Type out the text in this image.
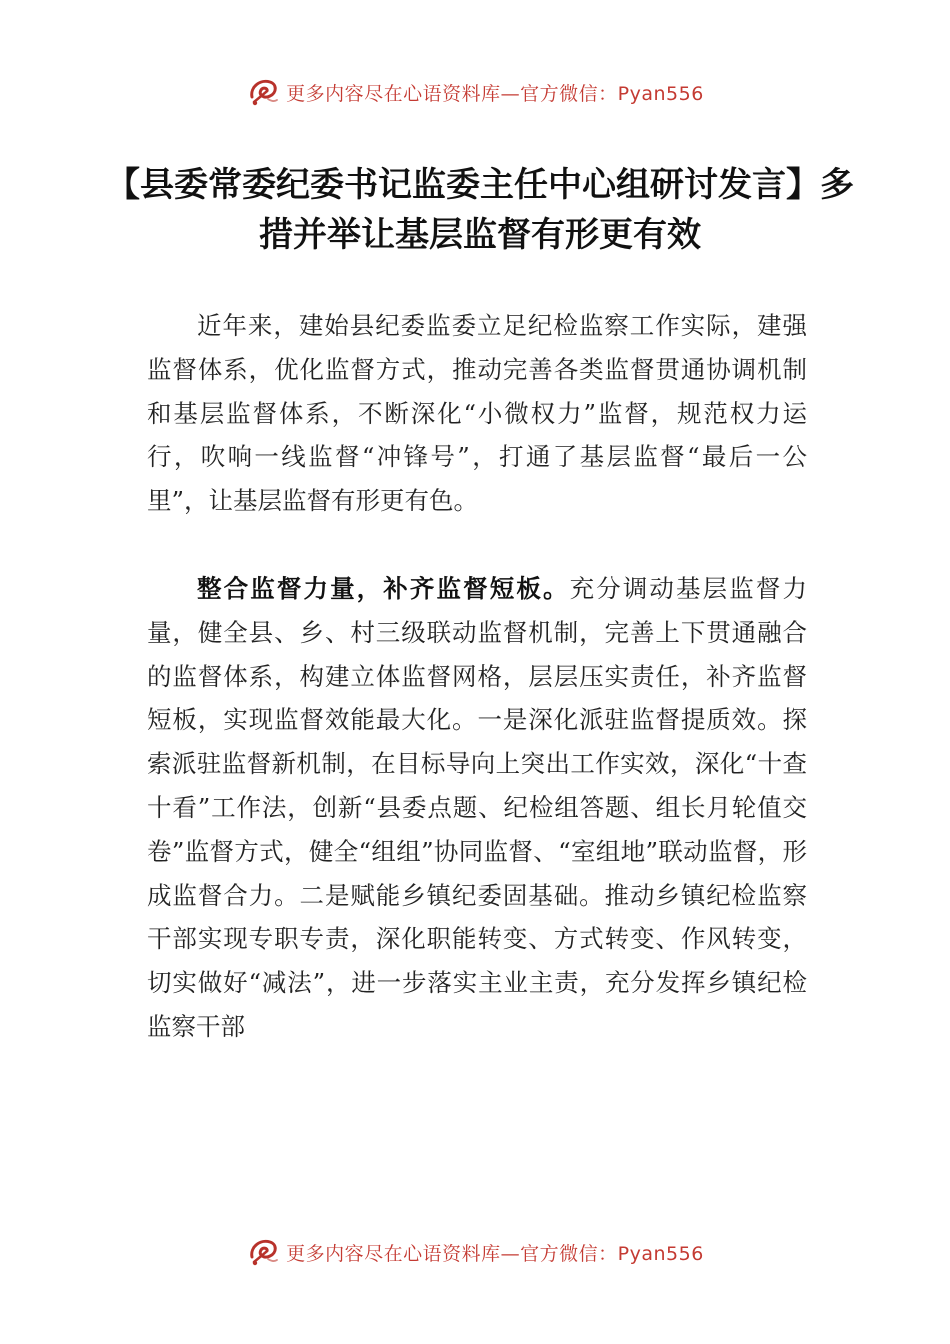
更多内容尽在心语资料库—官方微信：Pyan556
【县委常委纪委书记监委主任中心组研讨发言】多措并举让基层监督有形更有效

近年来，建始县纪委监委立足纪检监察工作实际，建强监督体系，优化监督方式，推动完善各类监督贯通协调机制和基层监督体系，不断深化“小微权力”监督，规范权力运行，吹响一线监督“冲锋号”，打通了基层监督“最后一公里”，让基层监督有形更有色。

整合监督力量，补齐监督短板。充分调动基层监督力量，健全县、乡、村三级联动监督机制，完善上下贯通融合的监督体系，构建立体监督网格，层层压实责任，补齐监督短板，实现监督效能最大化。一是深化派驻监督提质效。探索派驻监督新机制，在目标导向上突出工作实效，深化“十查十看”工作法，创新“县委点题、纪检组答题、组长月轮值交卷”监督方式，健全“组组”协同监督、“室组地”联动监督，形成监督合力。二是赋能乡镇纪委固基础。推动乡镇纪检监察干部实现专职专责，深化职能转变、方式转变、作风转变，切实做好“减法”，进一步落实主业主责，充分发挥乡镇纪检监察干部

更多内容尽在心语资料库—官方微信：Pyan556
